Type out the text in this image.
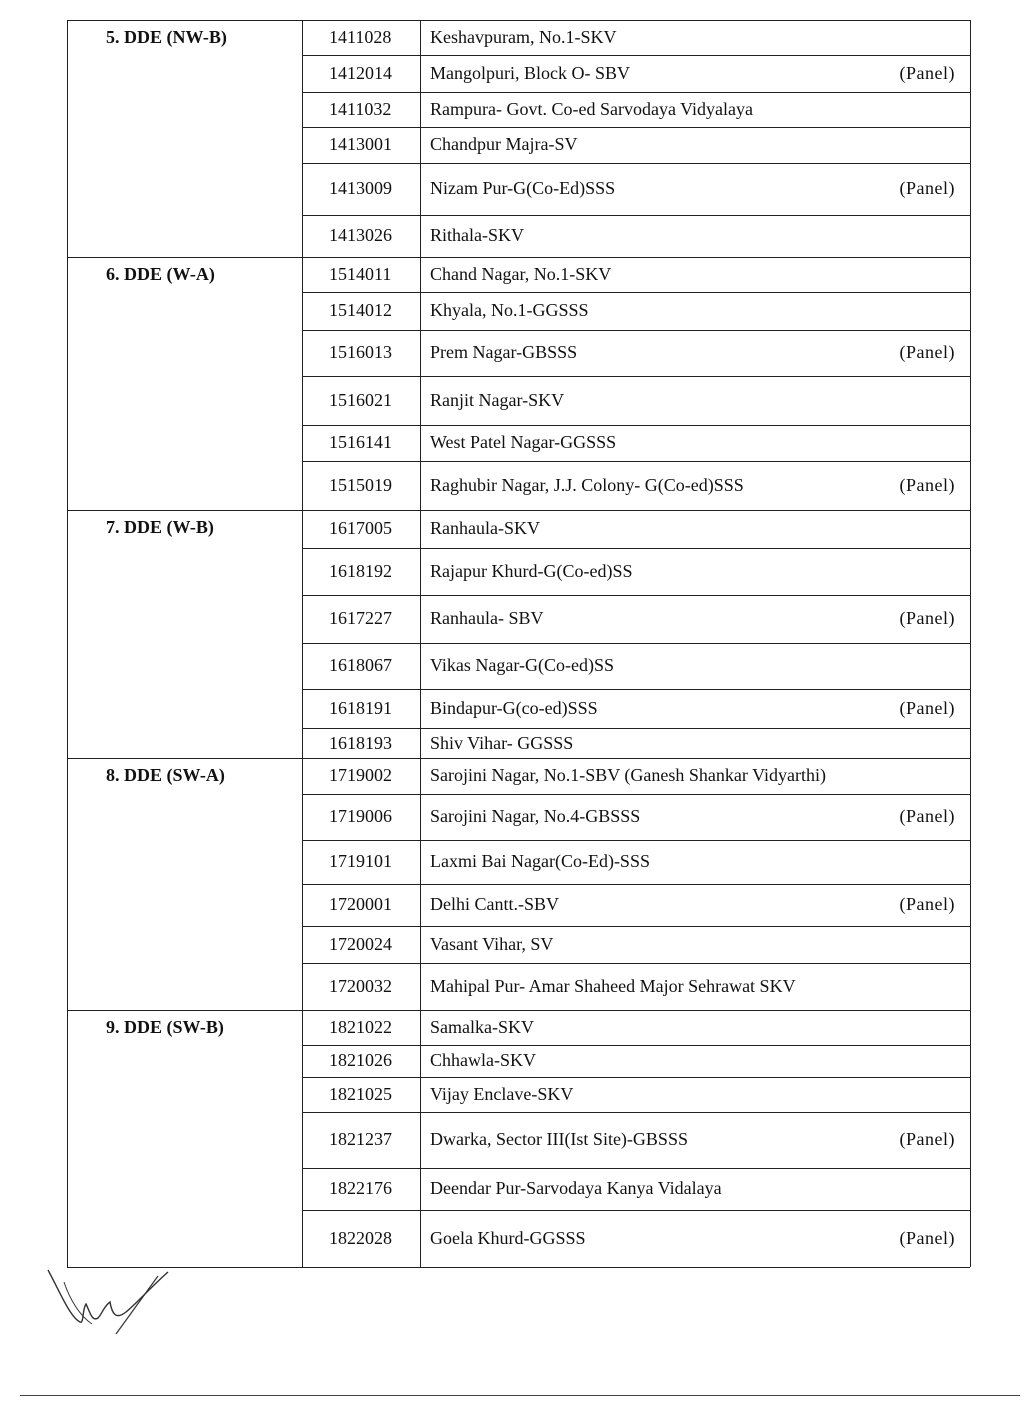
5. DDE (NW-B)	1411028 Keshavpuram, No.1-SKV
1412014 Mangolpuri, Block O- SBV	(Panel)
1411032 Rampura- Govt. Co-ed Sarvodaya Vidyalaya
1413001 Chandpur Majra-SV
1413009 Nizam Pur-G(Co-Ed)SSS	(Panel)
1413026 Rithala-SKV
6. DDE (W-A)	1514011 Chand Nagar, No.1-SKV
1514012 Khyala, No.1-GGSSS
1516013 Prem Nagar-GBSSS	(Panel)
1516021 Ranjit Nagar-SKV
1516141 West Patel Nagar-GGSSS
1515019 Raghubir Nagar, J.J. Colony- G(Co-ed)SSS	(Panel)
7. DDE (W-B)	1617005 Ranhaula-SKV
1618192 Rajapur Khurd-G(Co-ed)SS
1617227 Ranhaula- SBV	(Panel)
1618067 Vikas Nagar-G(Co-ed)SS
1618191 Bindapur-G(co-ed)SSS	(Panel)
1618193 Shiv Vihar- GGSSS
8. DDE (SW-A)	1719002 Sarojini Nagar, No.1-SBV (Ganesh Shankar Vidyarthi)
1719006 Sarojini Nagar, No.4-GBSSS	(Panel)
1719101 Laxmi Bai Nagar(Co-Ed)-SSS
1720001 Delhi Cantt.-SBV	(Panel)
1720024 Vasant Vihar, SV
1720032 Mahipal Pur- Amar Shaheed Major Sehrawat SKV
9. DDE (SW-B)	1821022 Samalka-SKV
1821026 Chhawla-SKV
1821025 Vijay Enclave-SKV
1821237 Dwarka, Sector III(Ist Site)-GBSSS	(Panel)
1822176 Deendar Pur-Sarvodaya Kanya Vidalaya
1822028 Goela Khurd-GGSSS	(Panel)
